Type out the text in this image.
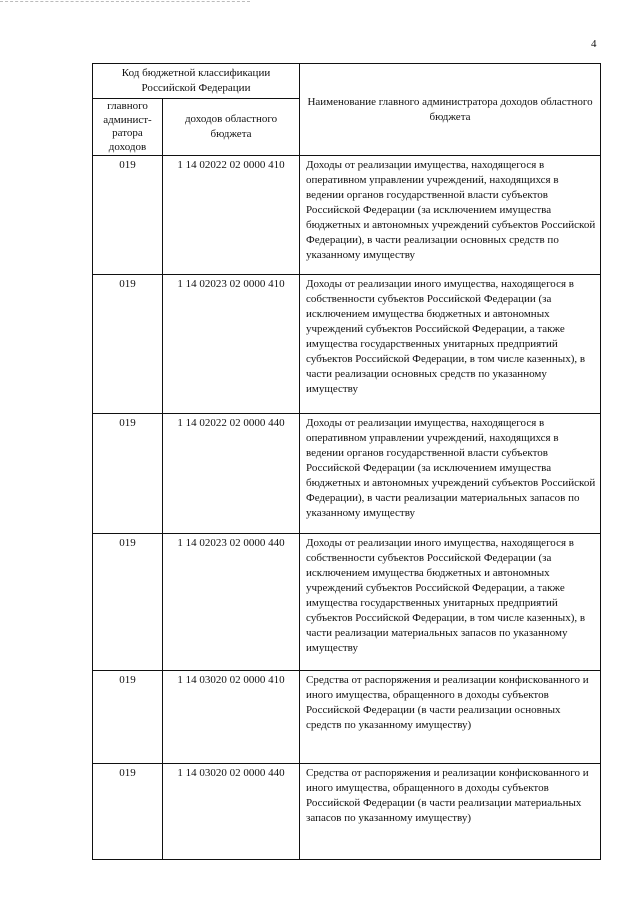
4
Код бюджетной классификации Российской Федерации		Наименование главного администратора доходов областного бюджета
главного админист-ратора доходов	доходов областного бюджета	
019	1 14 02022 02 0000 410	Доходы от реализации имущества, находящегося в оперативном управлении учреждений, находящихся в ведении органов государственной власти субъектов Российской Федерации (за исключением имущества бюджетных и автономных учреждений субъектов Российской Федерации), в части реализации основных средств по указанному имуществу
019	1 14 02023 02 0000 410	Доходы от реализации иного имущества, находящегося в собственности субъектов Российской Федерации (за исключением имущества бюджетных и автономных учреждений субъектов Российской Федерации, а также имущества государственных унитарных предприятий субъектов Российской Федерации, в том числе казенных), в части реализации основных средств по указанному имуществу
019	1 14 02022 02 0000 440	Доходы от реализации имущества, находящегося в оперативном управлении учреждений, находящихся в ведении органов государственной власти субъектов Российской Федерации (за исключением имущества бюджетных и автономных учреждений субъектов Российской Федерации), в части реализации материальных запасов по указанному имуществу
019	1 14 02023 02 0000 440	Доходы от реализации иного имущества, находящегося в собственности субъектов Российской Федерации (за исключением имущества бюджетных и автономных учреждений субъектов Российской Федерации, а также имущества государственных унитарных предприятий субъектов Российской Федерации, в том числе казенных), в части реализации материальных запасов по указанному имуществу
019	1 14 03020 02 0000 410	Средства от распоряжения и реализации конфискованного и иного имущества, обращенного в доходы субъектов Российской Федерации (в части реализации основных средств по указанному имуществу)
019	1 14 03020 02 0000 440	Средства от распоряжения и реализации конфискованного и иного имущества, обращенного в доходы субъектов Российской Федерации (в части реализации материальных запасов по указанному имуществу)
